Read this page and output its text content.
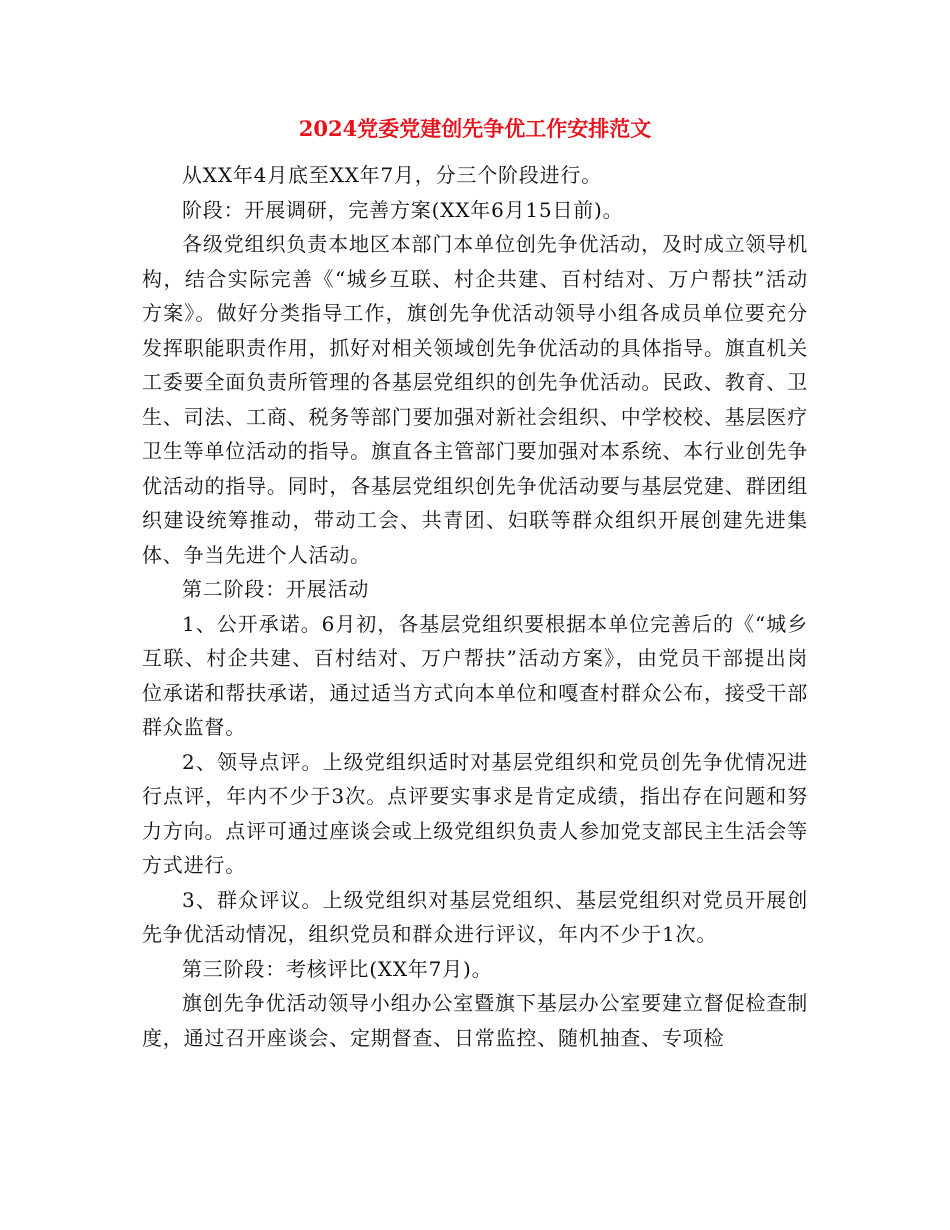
2024党委党建创先争优工作安排范文

从XX年4月底至XX年7月，分三个阶段进行。

阶段：开展调研，完善方案(XX年6月15日前)。

各级党组织负责本地区本部门本单位创先争优活动，及时成立领导机构，结合实际完善《“城乡互联、村企共建、百村结对、万户帮扶”活动方案》。做好分类指导工作，旗创先争优活动领导小组各成员单位要充分发挥职能职责作用，抓好对相关领域创先争优活动的具体指导。旗直机关工委要全面负责所管理的各基层党组织的创先争优活动。民政、教育、卫生、司法、工商、税务等部门要加强对新社会组织、中学校校、基层医疗卫生等单位活动的指导。旗直各主管部门要加强对本系统、本行业创先争优活动的指导。同时，各基层党组织创先争优活动要与基层党建、群团组织建设统筹推动，带动工会、共青团、妇联等群众组织开展创建先进集体、争当先进个人活动。

第二阶段：开展活动

1、公开承诺。6月初，各基层党组织要根据本单位完善后的《“城乡互联、村企共建、百村结对、万户帮扶”活动方案》，由党员干部提出岗位承诺和帮扶承诺，通过适当方式向本单位和嘎查村群众公布，接受干部群众监督。

2、领导点评。上级党组织适时对基层党组织和党员创先争优情况进行点评，年内不少于3次。点评要实事求是肯定成绩，指出存在问题和努力方向。点评可通过座谈会或上级党组织负责人参加党支部民主生活会等方式进行。

3、群众评议。上级党组织对基层党组织、基层党组织对党员开展创先争优活动情况，组织党员和群众进行评议，年内不少于1次。

第三阶段：考核评比(XX年7月)。

旗创先争优活动领导小组办公室暨旗下基层办公室要建立督促检查制度，通过召开座谈会、定期督查、日常监控、随机抽查、专项检
